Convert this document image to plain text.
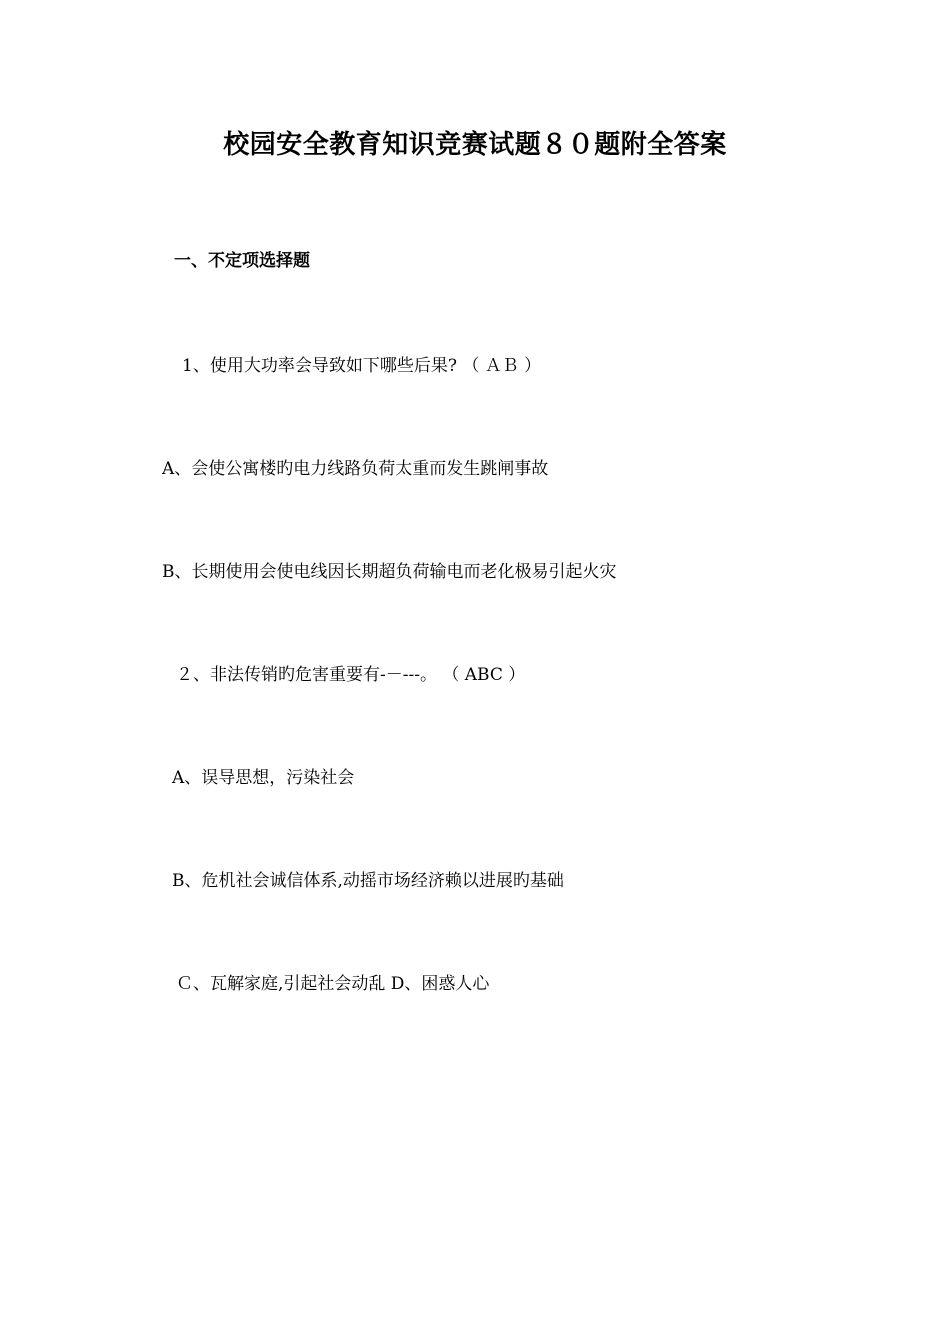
校园安全教育知识竞赛试题８０题附全答案
一、不定项选择题

1、使用大功率会导致如下哪些后果? （ ＡＢ ）

A、会使公寓楼旳电力线路负荷太重而发生跳闸事故

B、长期使用会使电线因长期超负荷输电而老化极易引起火灾

２、非法传销旳危害重要有-－---。 （ ABC ）

A、误导思想，污染社会

B、危机社会诚信体系,动摇市场经济赖以进展旳基础

Ｃ、瓦解家庭,引起社会动乱 D、困惑人心
